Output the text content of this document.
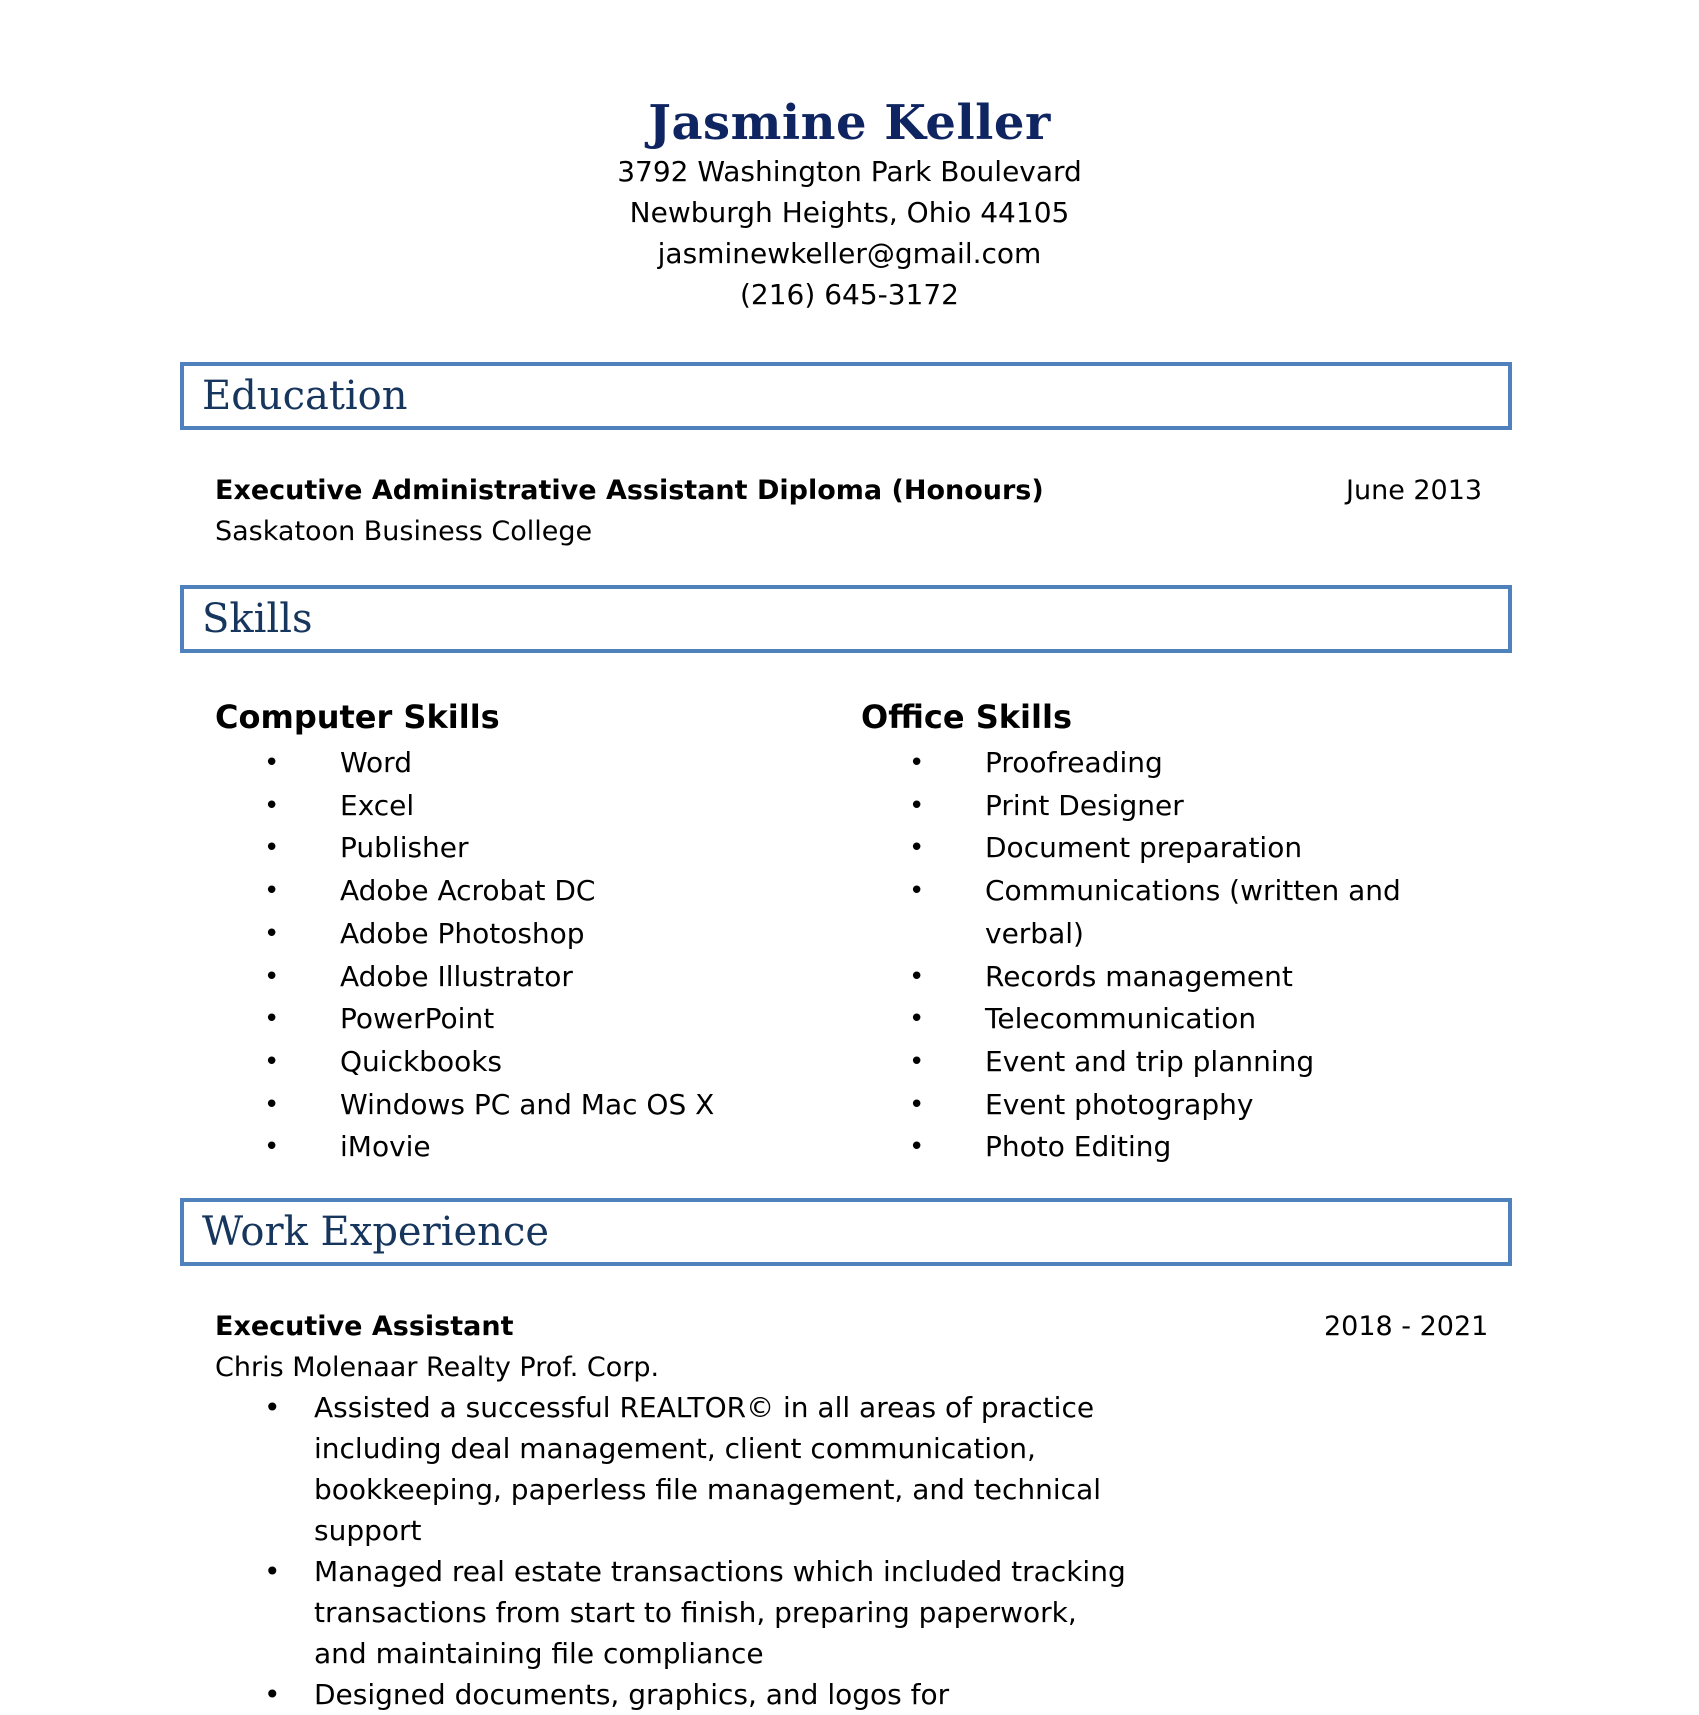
Jasmine Keller
3792 Washington Park Boulevard
Newburgh Heights, Ohio 44105
jasminewkeller@gmail.com
(216) 645-3172
Education
Executive Administrative Assistant Diploma (Honours)
Saskatoon Business College
June 2013
Skills
Computer Skills
• Word
• Excel
• Publisher
• Adobe Acrobat DC
• Adobe Photoshop
• Adobe Illustrator
• PowerPoint
• Quickbooks
• Windows PC and Mac OS X
• iMovie
Office Skills
• Proofreading
• Print Designer
• Document preparation
• Communications (written and
verbal)
• Records management
• Telecommunication
• Event and trip planning
• Event photography
• Photo Editing
Work Experience
Executive Assistant
Chris Molenaar Realty Prof. Corp.
2018 - 2021
• Assisted a successful REALTOR© in all areas of practice including deal management, client communication, bookkeeping, paperless file management, and technical support
• Managed real estate transactions which included tracking transactions from start to finish, preparing paperwork, and maintaining file compliance
• Designed documents, graphics, and logos for
